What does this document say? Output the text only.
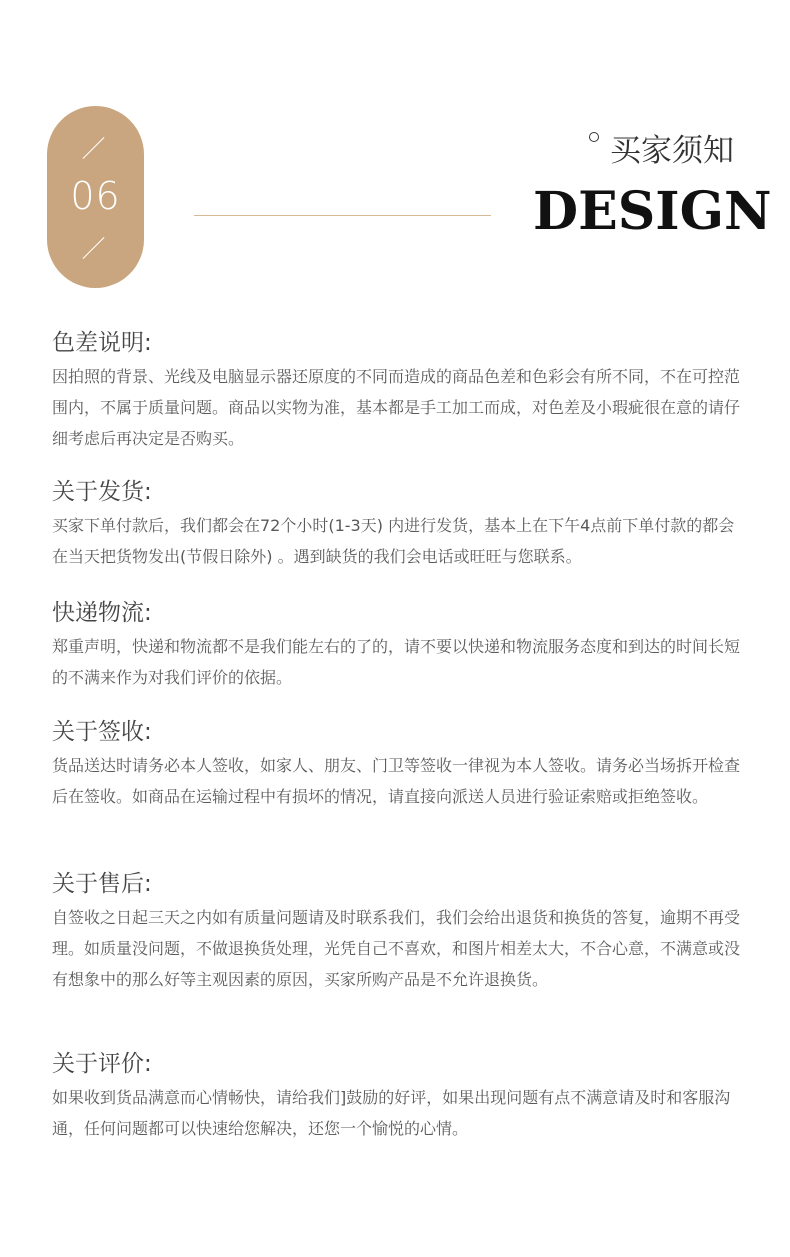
06
买家须知
DESIGN
色差说明:

因拍照的背景、光线及电脑显示器还原度的不同而造成的商品色差和色彩会有所不同，不在可控范围内，不属于质量问题。商品以实物为准，基本都是手工加工而成，对色差及小瑕疵很在意的请仔细考虑后再决定是否购买。

关于发货:

买家下单付款后，我们都会在72个小时(1-3天) 内进行发货，基本上在下午4点前下单付款的都会在当天把货物发出(节假日除外) 。遇到缺货的我们会电话或旺旺与您联系。

快递物流:

郑重声明，快递和物流都不是我们能左右的了的，请不要以快递和物流服务态度和到达的时间长短的不满来作为对我们评价的依据。

关于签收:

货品送达时请务必本人签收，如家人、朋友、门卫等签收一律视为本人签收。请务必当场拆开检查后在签收。如商品在运输过程中有损坏的情况，请直接向派送人员进行验证索赔或拒绝签收。

关于售后:

自签收之日起三天之内如有质量问题请及时联系我们，我们会给出退货和换货的答复，逾期不再受理。如质量没问题，不做退换货处理，光凭自己不喜欢，和图片相差太大，不合心意，不满意或没有想象中的那么好等主观因素的原因，买家所购产品是不允许退换货。

关于评价:

如果收到货品满意而心情畅快，请给我们]鼓励的好评，如果出现问题有点不满意请及时和客服沟通，任何问题都可以快速给您解决，还您一个愉悦的心情。
